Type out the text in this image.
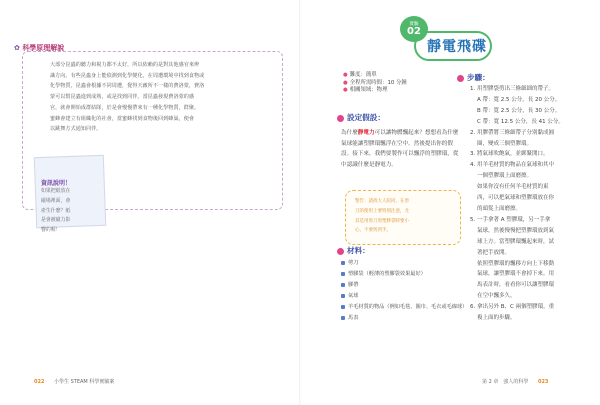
✿ 科學原理解說
大部分昆蟲的聽力和視力都不太好，所以依賴的是對其他感官來辨
識方向。有些昆蟲身上能偵測到化學變化，在周遭環境中找到食物或
化學物質，昆蟲會根據不同周遭，覺得天敵所不一樣的費洛蒙，費洛
蒙可以幫昆蟲進到成熟，或是找到同伴。當昆蟲發現費洛蒙的感
官，就會開始成群結隊，於是會慢慢帶來有一種化學物質，群聚。
蜜蜂會建立有組織化的社會，當蜜蜂找到食物後回到蜂巢，便會
以跳舞方式通知同伴。
資訊說明！
如果把紙放在
磁場裡面，會
產生什麼？紙
是會被磁力影
響的喔！
022 小學生 STEAM 科學實驗案
實驗
02
靜電飛碟
● 難度：簡單
● 全程所需時間：10 分鐘
● 相關領域：物理
設定假設：
為什麼靜電力可以讓物體飄起來？想想看為什麼氣球能讓塑膠環飄浮在空中。然後提出你的假設。接下來，我們要製作可以飄浮的塑膠環，從中認識什麼是靜電力。
警告：請找大人陪同，在剪
刀的使用上要特別注意，尤
其是用剪刀剪塑膠袋時要小
心，不要剪到手。
材料：
剪刀
塑膠袋（輕薄的塑膠袋效果最好）
膠帶
氣球
羊毛材質的物品（例如毛毯、圍巾、毛衣或毛線球）
馬表
步驟：
1. 用塑膠袋剪出三條細細的帶子。
A 帶：寬 2.5 公分，長 20 公分。
B 帶：寬 2.5 公分，長 30 公分。
C 帶：寬 12.5 公分，長 41 公分。
2. 用膠帶將三條細帶子分別黏成圓
圈，變成三個塑膠環。
3. 將氣球吹飽氣，並綁緊開口。
4. 用羊毛材質的物品在氣球和其中
一個塑膠環上面磨擦。
如果你沒有任何羊毛材質的東
西，可以把氣球和塑膠環放在你
的頭髮上面磨擦。
5. 一手拿著 A 塑膠環，另一手拿
氣球，然後慢慢把塑膠環放到氣
球上方。當塑膠環飄起來時，試
著把手放開。
依照塑膠環的飄移方向上下移動
氣球，讓塑膠環不會掉下來。用
馬表計時，看看你可以讓塑膠環
在空中飄多久。
6. 拿出另外 B、C 兩個塑膠環，重
複上面的步驟。
第 2 章　強人的科學 023
